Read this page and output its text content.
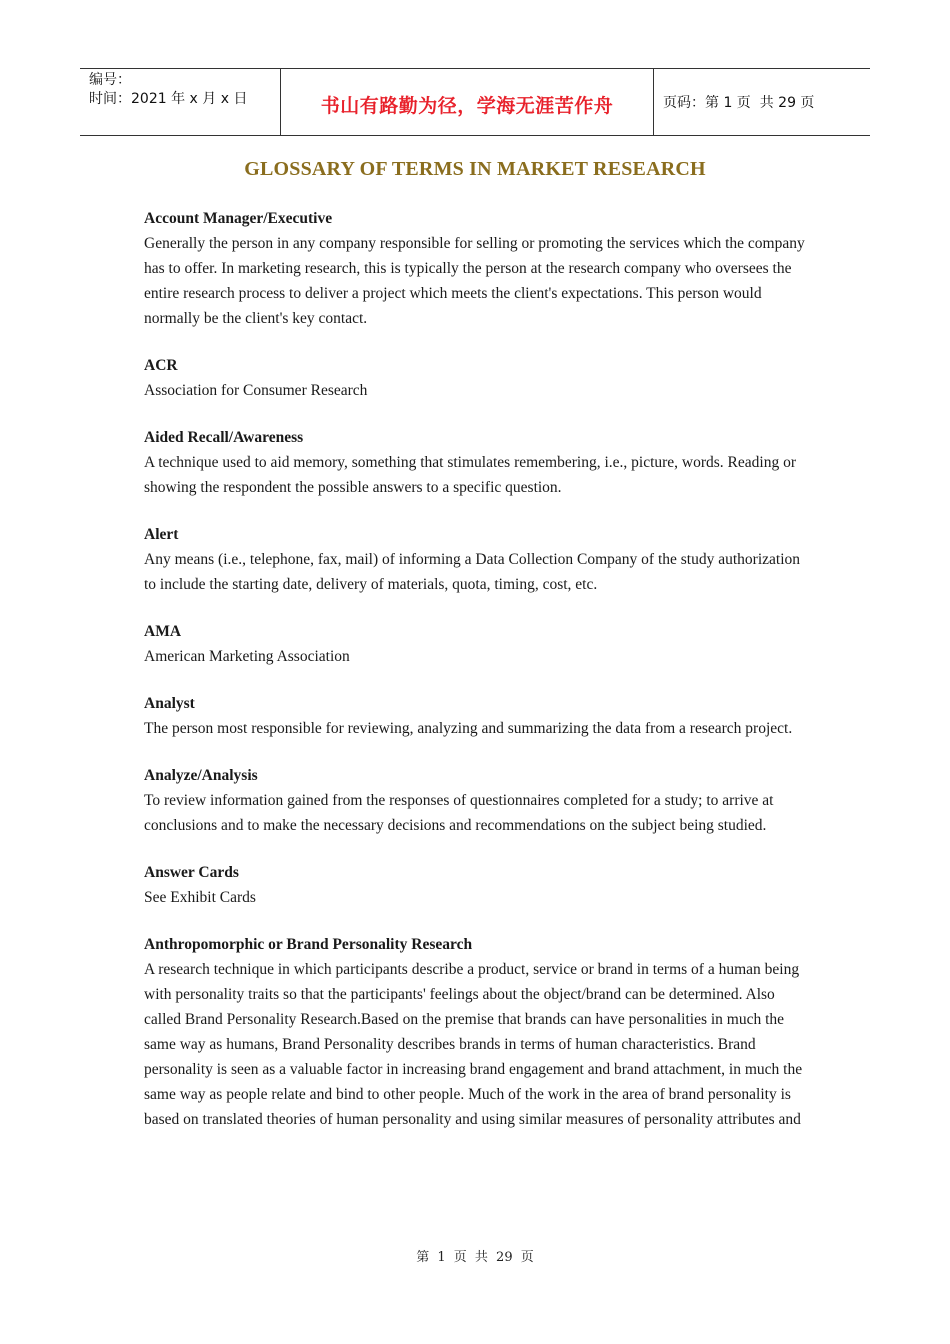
编号：
时间：2021 年 x 月 x 日	书山有路勤为径，学海无涯苦作舟	页码：第 1 页  共 29 页
GLOSSARY OF TERMS IN MARKET RESEARCH
Account Manager/Executive

Generally the person in any company responsible for selling or promoting the services which the company has to offer. In marketing research, this is typically the person at the research company who oversees the entire research process to deliver a project which meets the client's expectations. This person would normally be the client's key contact.

ACR

Association for Consumer Research

Aided Recall/Awareness

A technique used to aid memory, something that stimulates remembering, i.e., picture, words. Reading or showing the respondent the possible answers to a specific question.

Alert

Any means (i.e., telephone, fax, mail) of informing a Data Collection Company of the study authorization to include the starting date, delivery of materials, quota, timing, cost, etc.

AMA

American Marketing Association

Analyst

The person most responsible for reviewing, analyzing and summarizing the data from a research project.

Analyze/Analysis

To review information gained from the responses of questionnaires completed for a study; to arrive at conclusions and to make the necessary decisions and recommendations on the subject being studied.

Answer Cards

See Exhibit Cards

Anthropomorphic or Brand Personality Research

A research technique in which participants describe a product, service or brand in terms of a human being with personality traits so that the participants' feelings about the object/brand can be determined. Also called Brand Personality Research.Based on the premise that brands can have personalities in much the same way as humans, Brand Personality describes brands in terms of human characteristics. Brand personality is seen as a valuable factor in increasing brand engagement and brand attachment, in much the same way as people relate and bind to other people. Much of the work in the area of brand personality is based on translated theories of human personality and using similar measures of personality attributes and

第 1 页 共 29 页
